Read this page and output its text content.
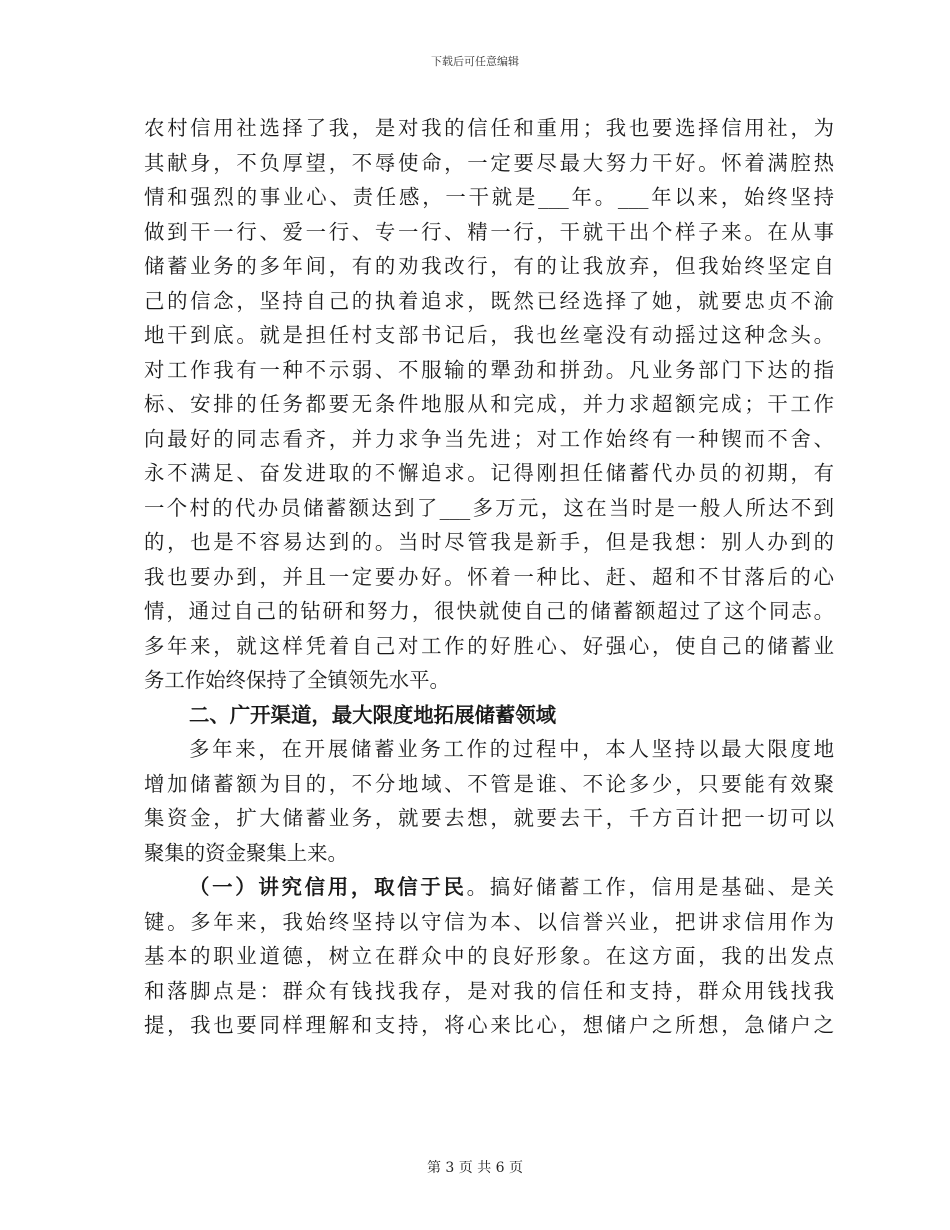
下载后可任意编辑
农村信用社选择了我，是对我的信任和重用；我也要选择信用社，为
其献身，不负厚望，不辱使命，一定要尽最大努力干好。怀着满腔热
情和强烈的事业心、责任感，一干就是___年。___年以来，始终坚持
做到干一行、爱一行、专一行、精一行，干就干出个样子来。在从事
储蓄业务的多年间，有的劝我改行，有的让我放弃，但我始终坚定自
己的信念，坚持自己的执着追求，既然已经选择了她，就要忠贞不渝
地干到底。就是担任村支部书记后，我也丝毫没有动摇过这种念头。
对工作我有一种不示弱、不服输的犟劲和拼劲。凡业务部门下达的指
标、安排的任务都要无条件地服从和完成，并力求超额完成；干工作
向最好的同志看齐，并力求争当先进；对工作始终有一种锲而不舍、
永不满足、奋发进取的不懈追求。记得刚担任储蓄代办员的初期，有
一个村的代办员储蓄额达到了___多万元，这在当时是一般人所达不到
的，也是不容易达到的。当时尽管我是新手，但是我想：别人办到的
我也要办到，并且一定要办好。怀着一种比、赶、超和不甘落后的心
情，通过自己的钻研和努力，很快就使自己的储蓄额超过了这个同志。
多年来，就这样凭着自己对工作的好胜心、好强心，使自己的储蓄业
务工作始终保持了全镇领先水平。
二、广开渠道，最大限度地拓展储蓄领域
多年来，在开展储蓄业务工作的过程中，本人坚持以最大限度地
增加储蓄额为目的，不分地域、不管是谁、不论多少，只要能有效聚
集资金，扩大储蓄业务，就要去想，就要去干，千方百计把一切可以
聚集的资金聚集上来。
（一）讲究信用，取信于民。搞好储蓄工作，信用是基础、是关
键。多年来，我始终坚持以守信为本、以信誉兴业，把讲求信用作为
基本的职业道德，树立在群众中的良好形象。在这方面，我的出发点
和落脚点是：群众有钱找我存，是对我的信任和支持，群众用钱找我
提，我也要同样理解和支持，将心来比心，想储户之所想，急储户之
第 3 页 共 6 页
